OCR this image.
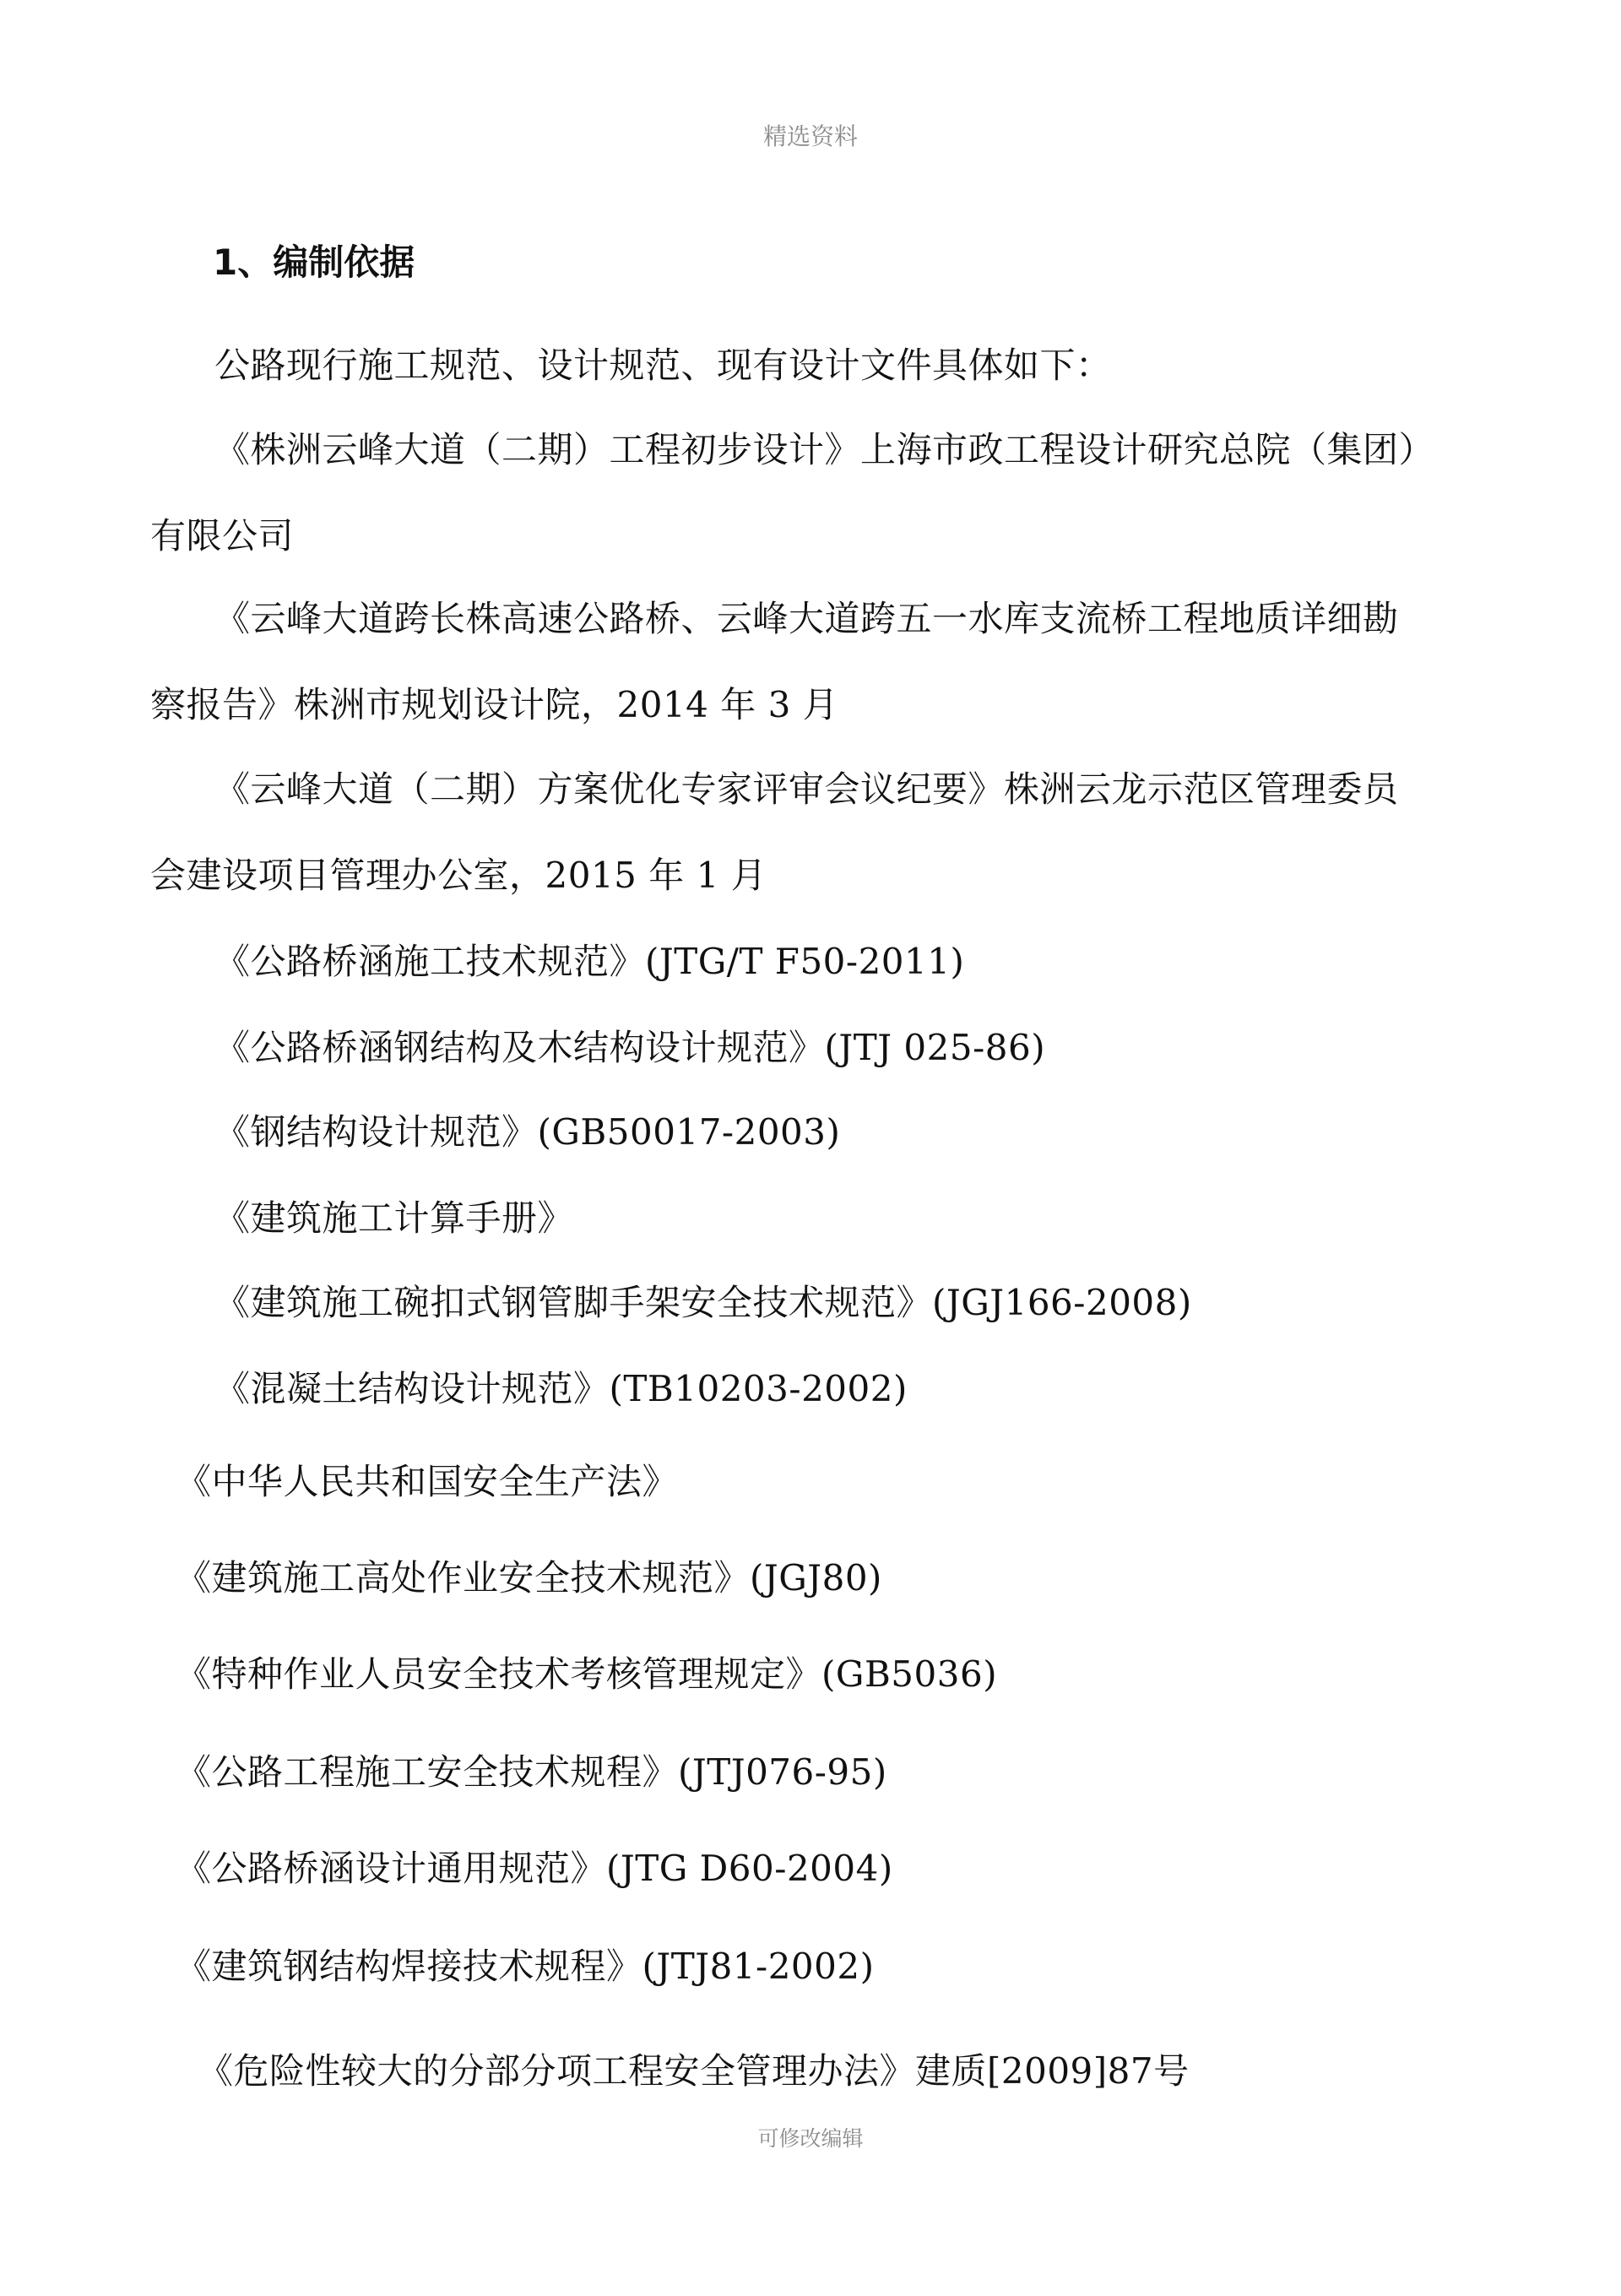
精选资料
1、编制依据
公路现行施工规范、设计规范、现有设计文件具体如下：
《株洲云峰大道（二期）工程初步设计》上海市政工程设计研究总院（集团）
有限公司
《云峰大道跨长株高速公路桥、云峰大道跨五一水库支流桥工程地质详细勘
察报告》株洲市规划设计院，2014 年 3 月
《云峰大道（二期）方案优化专家评审会议纪要》株洲云龙示范区管理委员
会建设项目管理办公室，2015 年 1 月
《公路桥涵施工技术规范》(JTG/T F50-2011)
《公路桥涵钢结构及木结构设计规范》(JTJ 025-86)
《钢结构设计规范》(GB50017-2003)
《建筑施工计算手册》
《建筑施工碗扣式钢管脚手架安全技术规范》(JGJ166-2008)
《混凝土结构设计规范》(TB10203-2002)
《中华人民共和国安全生产法》
《建筑施工高处作业安全技术规范》(JGJ80)
《特种作业人员安全技术考核管理规定》(GB5036)
《公路工程施工安全技术规程》(JTJ076-95)
《公路桥涵设计通用规范》(JTG D60-2004)
《建筑钢结构焊接技术规程》(JTJ81-2002)
《危险性较大的分部分项工程安全管理办法》建质[2009]87号
可修改编辑
